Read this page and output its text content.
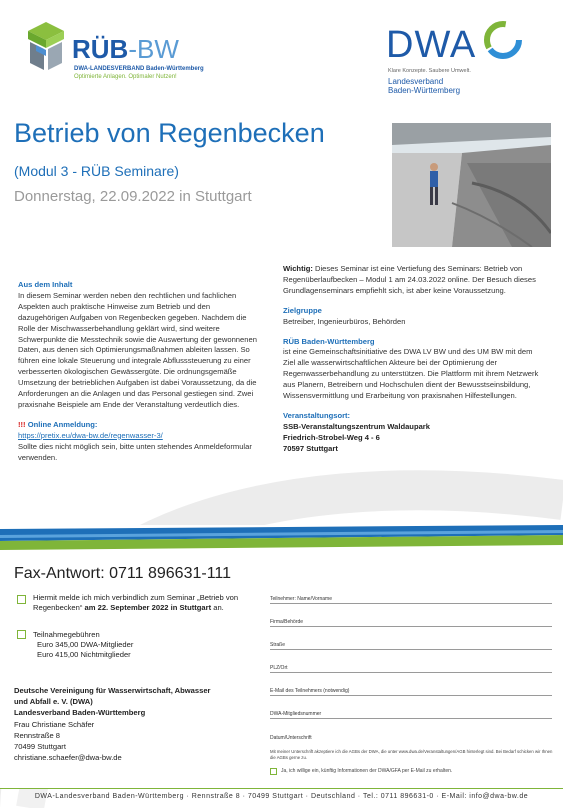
RÜB-BW
DWA-LANDESVERBAND Baden-Württemberg
Optimierte Anlagen. Optimaler Nutzen!
DWA
Klare Konzepte. Saubere Umwelt.
Landesverband
Baden-Württemberg
Betrieb von Regenbecken
(Modul 3 - RÜB Seminare)
Donnerstag, 22.09.2022 in Stuttgart
Aus dem Inhalt
In diesem Seminar werden neben den rechtlichen und fachlichen Aspekten auch praktische Hinweise zum Betrieb und den dazugehörigen Aufgaben von Regenbecken gegeben. Nachdem die Rolle der Mischwasserbehandlung geklärt wird, sind weitere Schwerpunkte die Messtechnik sowie die Auswertung der gewonnenen Daten, aus denen sich Optimierungsmaßnahmen ableiten lassen. So führen eine lokale Steuerung und integrale Abflusssteuerung zu einer verbesserten ökologischen Gewässergüte. Die ordnungsgemäße Umsetzung der betrieblichen Aufgaben ist dabei Voraussetzung, da die Anforderungen an die Anlagen und das Personal gestiegen sind. Zwei praxisnahe Beispiele am Ende der Veranstaltung verdeutlich dies.
!!! Online Anmeldung:
https://pretix.eu/dwa-bw.de/regenwasser-3/
Sollte dies nicht möglich sein, bitte unten stehendes Anmeldeformular verwenden.
Wichtig: Dieses Seminar ist eine Vertiefung des Seminars: Betrieb von Regenüberlaufbecken – Modul 1 am 24.03.2022 online. Der Besuch dieses Grundlagenseminars empfiehlt sich, ist aber keine Voraussetzung.
Zielgruppe
Betreiber, Ingenieurbüros, Behörden
RÜB Baden-Württemberg
ist eine Gemeinschaftsinitiative des DWA LV BW und des UM BW mit dem Ziel alle wasserwirtschaftlichen Akteure bei der Optimierung der Regenwasserbehandlung zu unterstützen. Die Plattform mit ihrem Netzwerk aus Planern, Betreibern und Hochschulen dient der Bewusstseinsbildung, Wissensvermittlung und Erarbeitung von praxisnahen Hilfestellungen.
Veranstaltungsort:
SSB-Veranstaltungszentrum Waldaupark
Friedrich-Strobel-Weg 4 - 6
70597 Stuttgart
Fax-Antwort: 0711 896631-111
Hiermit melde ich mich verbindlich zum Seminar „Betrieb von Regenbecken“ am 22. September 2022 in Stuttgart an.
Teilnahmegebühren
Euro 345,00 DWA-Mitglieder
Euro 415,00 Nichtmitglieder
Deutsche Vereinigung für Wasserwirtschaft, Abwasser
und Abfall e. V. (DWA)
Landesverband Baden-Württemberg
Frau Christiane Schäfer
Rennstraße 8
70499 Stuttgart
christiane.schaefer@dwa-bw.de
Teilnehmer: Name/Vorname
Firma/Behörde
Straße
PLZ/Ort
E-Mail des Teilnehmers (notwendig)
DWA-Mitgliedsnummer
Datum/Unterschrift
Mit meiner Unterschrift akzeptiere ich die AGBs der DWA, die unter www.dwa.de/Veranstaltungen/AGB hinterlegt sind. Bei Bedarf schicken wir Ihnen die AGBs gerne zu.
Ja, ich willige ein, künftig Informationen der DWA/GFA per E-Mail zu erhalten.
DWA-Landesverband Baden-Württemberg · Rennstraße 8 · 70499 Stuttgart · Deutschland · Tel.: 0711 896631-0 · E-Mail: info@dwa-bw.de
